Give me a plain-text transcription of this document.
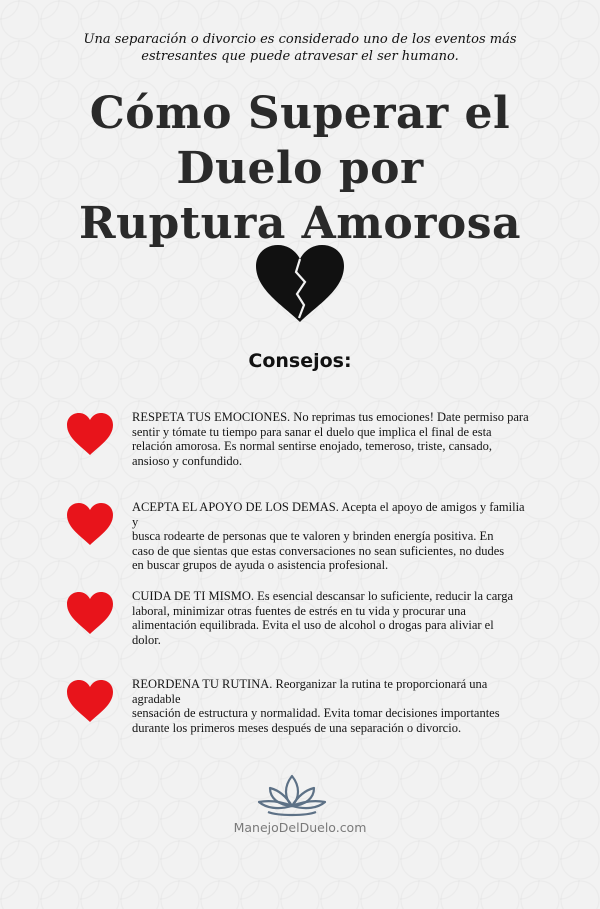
Una separación o divorcio es considerado uno de los eventos más
estresantes que puede atravesar el ser humano.
Cómo Superar el
Duelo por
Ruptura Amorosa
Consejos:
RESPETA TUS EMOCIONES. No reprimas tus emociones! Date permiso para
sentir y tómate tu tiempo para sanar el duelo que implica el final de esta
relación amorosa. Es normal sentirse enojado, temeroso, triste, cansado,
ansioso y confundido.
ACEPTA EL APOYO DE LOS DEMAS. Acepta el apoyo de amigos y familia y
busca rodearte de personas que te valoren y brinden energía positiva. En
caso de que sientas que estas conversaciones no sean suficientes, no dudes
en buscar grupos de ayuda o asistencia profesional.
CUIDA DE TI MISMO. Es esencial descansar lo suficiente, reducir la carga
laboral, minimizar otras fuentes de estrés en tu vida y procurar una
alimentación equilibrada. Evita el uso de alcohol o drogas para aliviar el
dolor.
REORDENA TU RUTINA. Reorganizar la rutina te proporcionará una agradable
sensación de estructura y normalidad. Evita tomar decisiones importantes
durante los primeros meses después de una separación o divorcio.
ManejoDelDuelo.com
